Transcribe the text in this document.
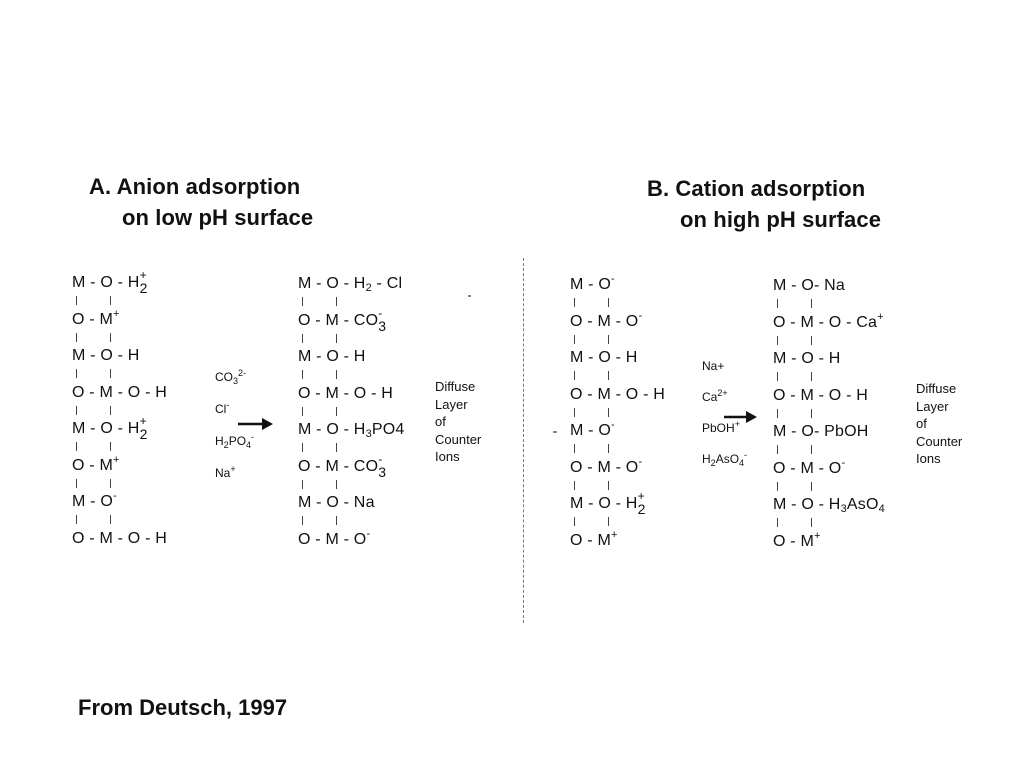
A. Anion adsorption
on low pH surface
B. Cation adsorption
on high pH surface
M - O - H +
2
O - M+
M - O - H
O - M - O - H
M - O - H +
2
O - M+
M - O-
O - M - O - H
$CO_3^{2-}$
Cl-
$H_2PO_4^-$
Na+
M - O - $H_2$ - Cl
O - M - CO -
3
M - O - H
O - M - O - H
M - O - $H_3PO4$
O - M - CO -
3
M - O - Na
O - M - O-
Diffuse
Layer
of
Counter
Ions
M - O-
O - M - O-
M - O - H
O - M - O - H
M - O-
O - M - O-
M - O - H +
2
O - M+
Na+
$Ca^{2+}$
PbOH+
$H_2AsO_4^-$
M - O- Na
O - M - O - Ca+
M - O - H
O - M - O - H
M - O- PbOH
O - M - O-
M - O - $H_3AsO_4$
O - M+
Diffuse
Layer
of
Counter
Ions
From Deutsch, 1997
